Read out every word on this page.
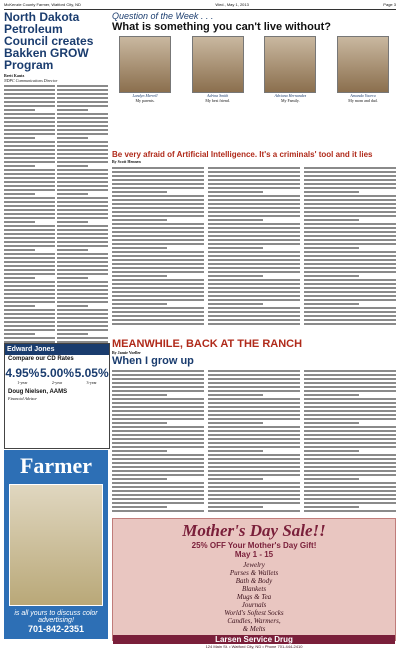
McKenzie County Farmer, Watford City, ND	Wed., May 1, 2013	Page 3
North Dakota Petroleum Council creates Bakken GROW Program
Brett Kautz
NDPC Communications Director
Question of the Week . . .
What is something you can't live without?
Landyn Merrell
My parents.
Adrina Smith
My best friend.
Adriana Hernandez
My Family.
Amanda Vaceru
My mom and dad.
Be very afraid of Artificial Intelligence. It's a criminals' tool and it lies
By Scott Hennen
Edward Jones
Compare our CD Rates
4.95%
1-year
5.00%
2-year
5.05%
3-year
Doug Nielsen, AAMS
Financial Advisor
Farmer
is all yours to discuss color advertising!
701-842-2351
MEANWHILE, BACK AT THE RANCH
By Jamie Voeller
When I grow up
Mother's Day Sale!!
25% OFF Your Mother's Day Gift!
May 1 - 15
Jewelry
Purses & Wallets
Bath & Body
Blankets
Mugs & Tea
Journals
World's Softest Socks
Candles, Warmers,
& Melts
Larsen Service Drug
124 Main St. • Watford City, ND • Phone 701-444-2410
